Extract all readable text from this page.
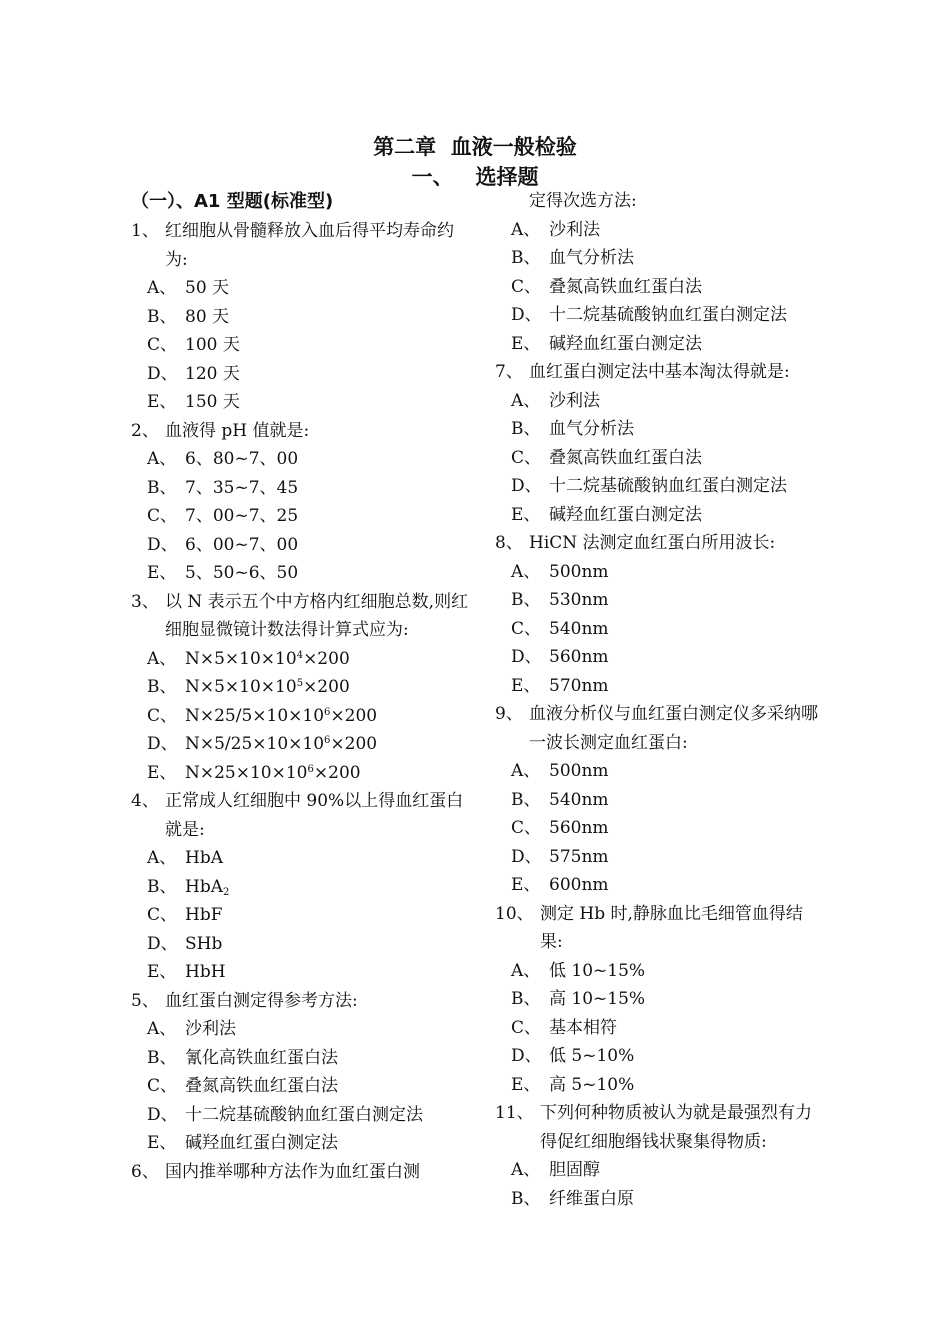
第二章  血液一般检验
一、   选择题
（一）、A1 型题(标准型)
1、 红细胞从骨髓释放入血后得平均寿命约为:
A、 50 天
B、 80 天
C、 100 天
D、 120 天
E、 150 天
2、 血液得 pH 值就是:
A、 6、80~7、00
B、 7、35~7、45
C、 7、00~7、25
D、 6、00~7、00
E、 5、50~6、50
3、 以 N 表示五个中方格内红细胞总数,则红细胞显微镜计数法得计算式应为:
A、 $N\times 5\times 10\times 10^4\times 200$
B、 $N\times 5\times 10\times 10^5\times 200$
C、 $N\times 25/5\times 10\times 10^6\times 200$
D、 $N\times 5/25\times 10\times 10^6\times 200$
E、 $N\times 25\times 10\times 10^6\times 200$
4、 正常成人红细胞中 90%以上得血红蛋白就是:
A、 HbA
B、 HbA$_2$
C、 HbF
D、 SHb
E、 HbH
5、 血红蛋白测定得参考方法:
A、 沙利法
B、 氰化高铁血红蛋白法
C、 叠氮高铁血红蛋白法
D、 十二烷基硫酸钠血红蛋白测定法
E、 碱羟血红蛋白测定法
6、 国内推举哪种方法作为血红蛋白测
定得次选方法:
A、 沙利法
B、 血气分析法
C、 叠氮高铁血红蛋白法
D、 十二烷基硫酸钠血红蛋白测定法
E、 碱羟血红蛋白测定法
7、 血红蛋白测定法中基本淘汰得就是:
A、 沙利法
B、 血气分析法
C、 叠氮高铁血红蛋白法
D、 十二烷基硫酸钠血红蛋白测定法
E、 碱羟血红蛋白测定法
8、 HiCN 法测定血红蛋白所用波长:
A、 500nm
B、 530nm
C、 540nm
D、 560nm
E、 570nm
9、 血液分析仪与血红蛋白测定仪多采纳哪一波长测定血红蛋白:
A、 500nm
B、 540nm
C、 560nm
D、 575nm
E、 600nm
10、 测定 Hb 时,静脉血比毛细管血得结果:
A、 低 10~15%
B、 高 10~15%
C、 基本相符
D、 低 5~10%
E、 高 5~10%
11、 下列何种物质被认为就是最强烈有力得促红细胞缗钱状聚集得物质:
A、 胆固醇
B、 纤维蛋白原
